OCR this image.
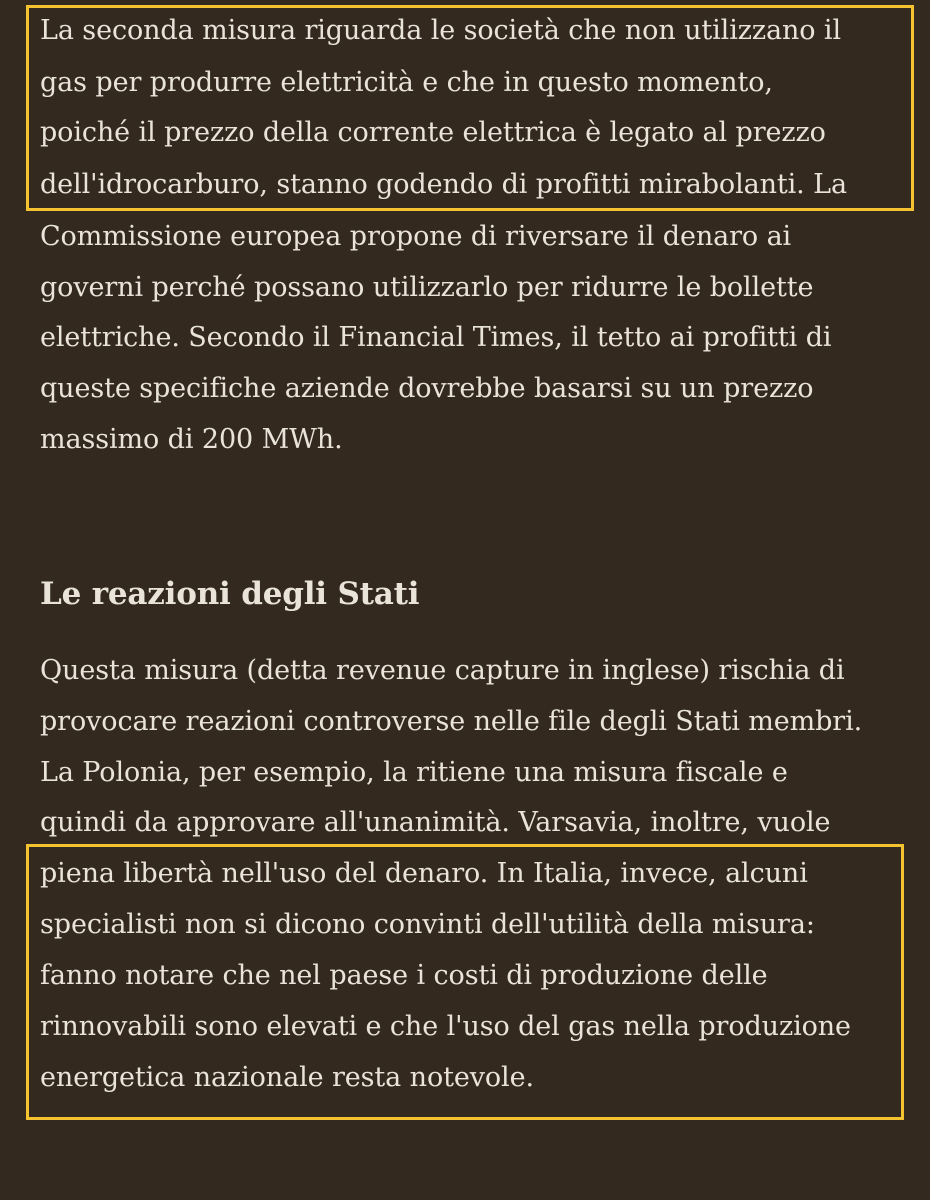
La seconda misura riguarda le società che non utilizzano il
gas per produrre elettricità e che in questo momento,
poiché il prezzo della corrente elettrica è legato al prezzo
dell'idrocarburo, stanno godendo di profitti mirabolanti. La
Commissione europea propone di riversare il denaro ai
governi perché possano utilizzarlo per ridurre le bollette
elettriche. Secondo il Financial Times, il tetto ai profitti di
queste specifiche aziende dovrebbe basarsi su un prezzo
massimo di 200 MWh.
Le reazioni degli Stati
Questa misura (detta revenue capture in inglese) rischia di
provocare reazioni controverse nelle file degli Stati membri.
La Polonia, per esempio, la ritiene una misura fiscale e
quindi da approvare all'unanimità. Varsavia, inoltre, vuole
piena libertà nell'uso del denaro. In Italia, invece, alcuni
specialisti non si dicono convinti dell'utilità della misura:
fanno notare che nel paese i costi di produzione delle
rinnovabili sono elevati e che l'uso del gas nella produzione
energetica nazionale resta notevole.
